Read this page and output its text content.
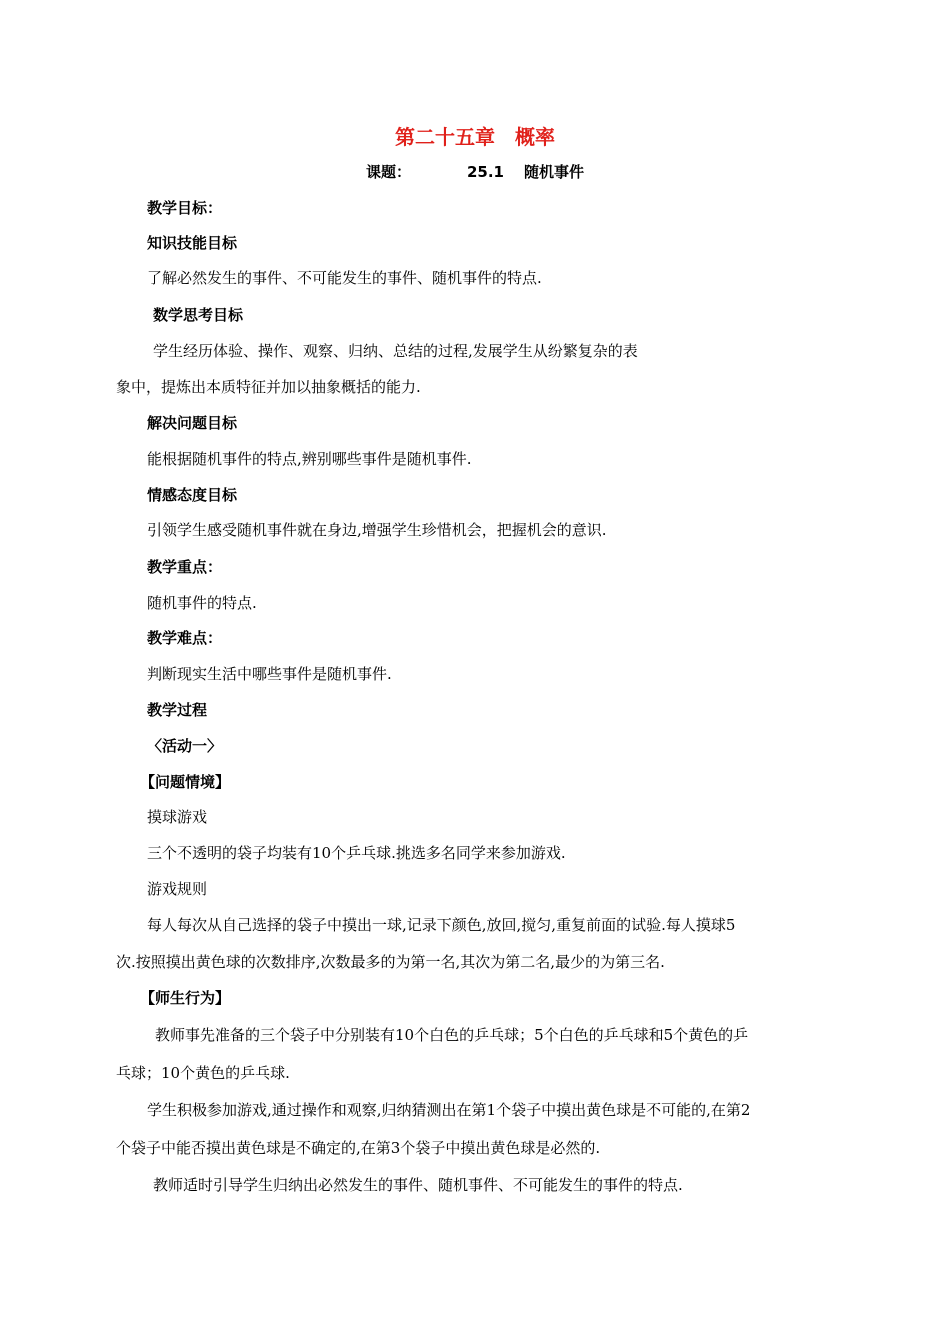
第二十五章　概率
课题：	25.1 随机事件
教学目标：
知识技能目标
了解必然发生的事件、不可能发生的事件、随机事件的特点.
数学思考目标
学生经历体验、操作、观察、归纳、总结的过程,发展学生从纷繁复杂的表
象中，提炼出本质特征并加以抽象概括的能力.
解决问题目标
能根据随机事件的特点,辨别哪些事件是随机事件.
情感态度目标
引领学生感受随机事件就在身边,增强学生珍惜机会，把握机会的意识.
教学重点：
随机事件的特点.
教学难点：
判断现实生活中哪些事件是随机事件.
教学过程
〈活动一〉
【问题情境】
摸球游戏
三个不透明的袋子均装有10个乒乓球.挑选多名同学来参加游戏.
游戏规则
每人每次从自己选择的袋子中摸出一球,记录下颜色,放回,搅匀,重复前面的试验.每人摸球5
次.按照摸出黄色球的次数排序,次数最多的为第一名,其次为第二名,最少的为第三名.
【师生行为】
教师事先准备的三个袋子中分别装有10个白色的乒乓球；5个白色的乒乓球和5个黄色的乒
乓球；10个黄色的乒乓球.
学生积极参加游戏,通过操作和观察,归纳猜测出在第1个袋子中摸出黄色球是不可能的,在第2
个袋子中能否摸出黄色球是不确定的,在第3个袋子中摸出黄色球是必然的.
教师适时引导学生归纳出必然发生的事件、随机事件、不可能发生的事件的特点.
